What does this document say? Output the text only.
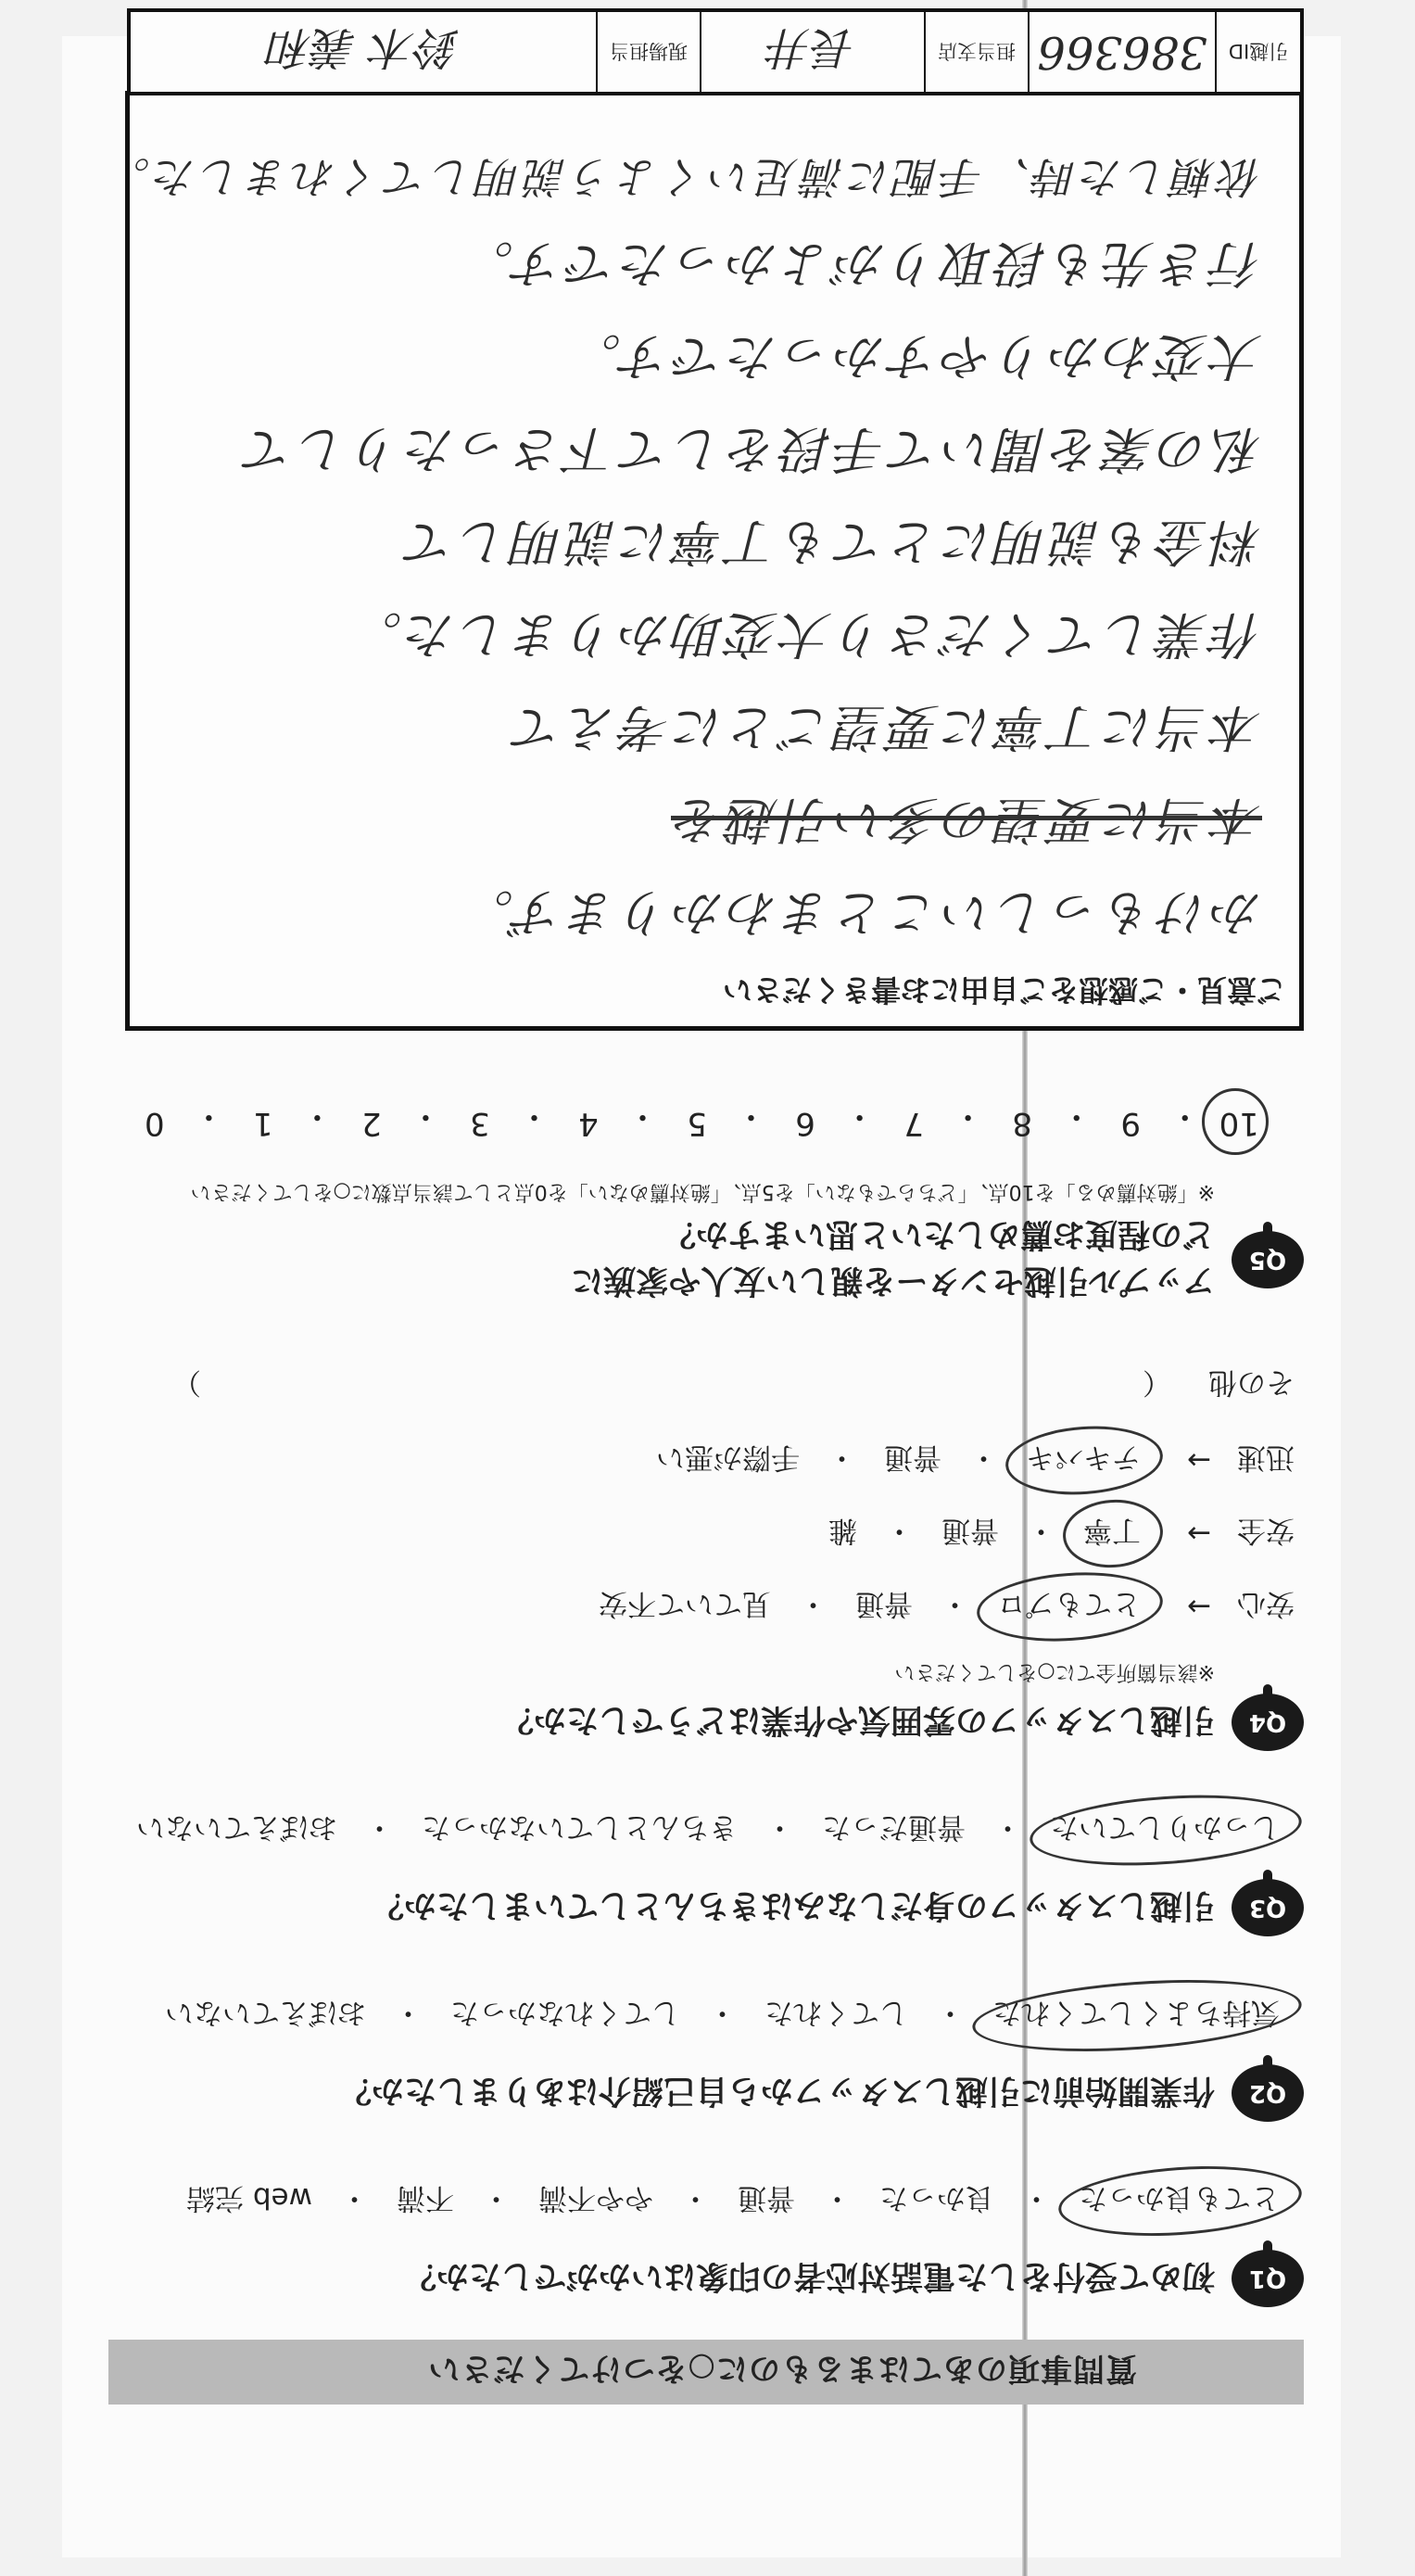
質問事項のあてはまるものに○をつけてください
Q1
初めて受付をした電話対応者の印象はいかがでしたか？
とても良かった
・
良かった
・
普通
・
やや不満
・
不満
・
web 完結
Q2
作業開始前に引越しスタッフから自己紹介はありましたか？
気持ちよくしてくれた
・
してくれた
・
してくれなかった
・
おぼえていない
Q3
引越しスタッフの身だしなみはきちんとしていましたか？
しっかりしていた
・
普通だった
・
きちんとしていなかった
・
おぼえていない
Q4
引越しスタッフの雰囲気や作業はどうでしたか？
※該当箇所全てに○をしてください
安心
→
とてもプロ
・
普通
・
見ていて不安
安全
→
丁寧
・
普通
・
雑
迅速
→
テキパキ
・
普通
・
手際が悪い
その他
（
）
Q5
アップル引越センターを親しい友人や家族に
どの程度お薦めしたいと思いますか？
※「絶対薦める」を10点、「どちらでもない」を5点、「絶対薦めない」を0点として該当点数に○をしてください
10
・
9
・
8
・
7
・
6
・
5
・
4
・
3
・
2
・
1
・
0
ご意見・ご感想をご自由にお書きください
かけもっしいことまわかりまず。
本当に要望の多い引越を
本当に丁寧に要望ごとに考えて
作業してくださり大変助かりました。
料金も説明にとても丁寧に説明して
私の案を聞いて手段をして下さったりして
大変わかりやすかったです。
行き先も段取りがよかったです。
依頼した時、手配に満足いくよう説明してくれました。
引越ID
386366
担当支店
長井
現場担当
鈴木 義和
